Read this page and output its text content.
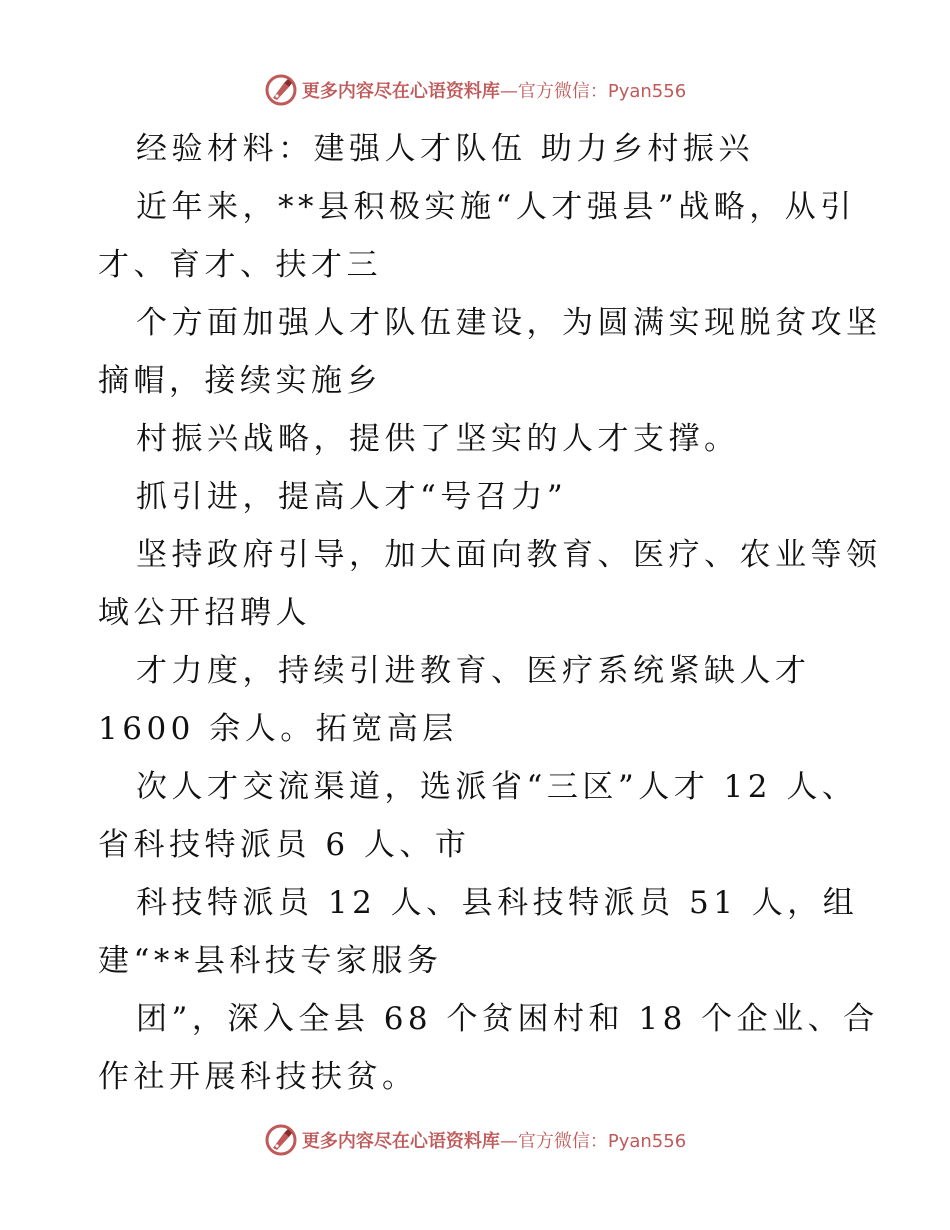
更多内容尽在心语资料库—官方微信：Pyan556
经验材料：建强人才队伍 助力乡村振兴
近年来，**县积极实施“人才强县”战略，从引
才、育才、扶才三
个方面加强人才队伍建设，为圆满实现脱贫攻坚
摘帽，接续实施乡
村振兴战略，提供了坚实的人才支撑。
抓引进，提高人才“号召力”
坚持政府引导，加大面向教育、医疗、农业等领
域公开招聘人
才力度，持续引进教育、医疗系统紧缺人才
1600 余人。拓宽高层
次人才交流渠道，选派省“三区”人才 12 人、
省科技特派员 6 人、市
科技特派员 12 人、县科技特派员 51 人，组
建“**县科技专家服务
团”，深入全县 68 个贫困村和 18 个企业、合
作社开展科技扶贫。
更多内容尽在心语资料库—官方微信：Pyan556
